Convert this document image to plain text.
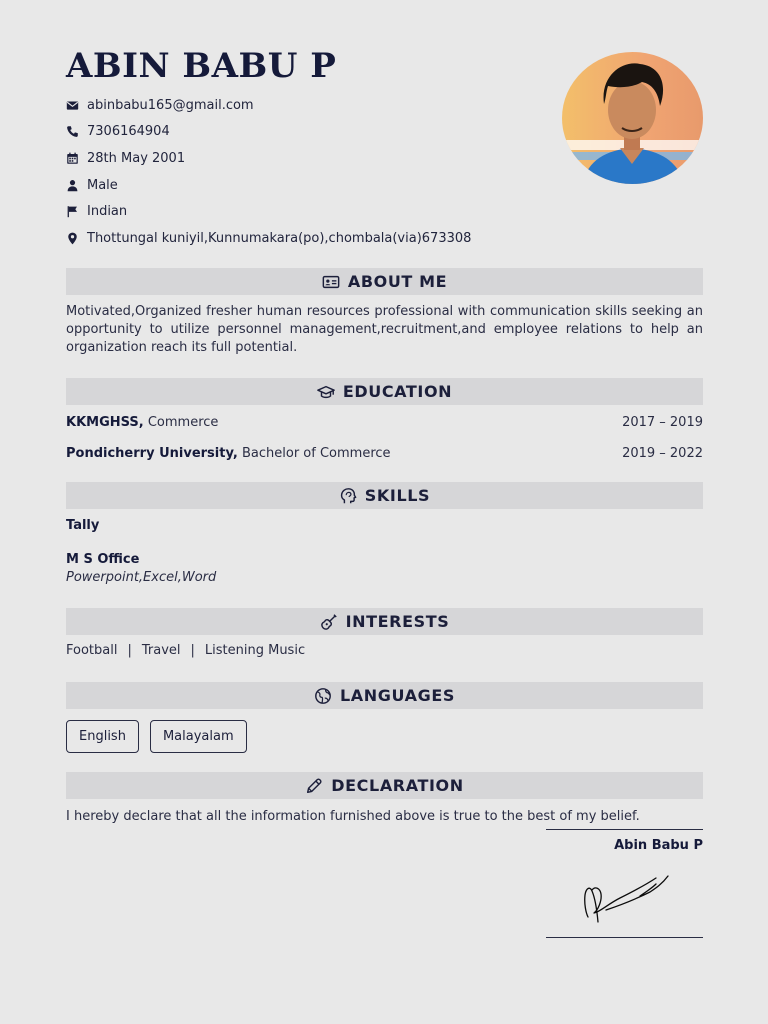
ABIN BABU P
abinbabu165@gmail.com
7306164904
28th May 2001
Male
Indian
Thottungal kuniyil,Kunnumakara(po),chombala(via)673308
ABOUT ME

Motivated,Organized fresher human resources professional with communication skills seeking an opportunity to utilize personnel management,recruitment,and employee relations to help an organization reach its full potential.

EDUCATION
KKMGHSS, Commerce	2017 – 2019
Pondicherry University, Bachelor of Commerce	2019 – 2022
SKILLS
Tally
M S Office
Powerpoint,Excel,Word
INTERESTS
Football | Travel | Listening Music
LANGUAGES
English	Malayalam
DECLARATION

I hereby declare that all the information furnished above is true to the best of my belief.

Abin Babu P
